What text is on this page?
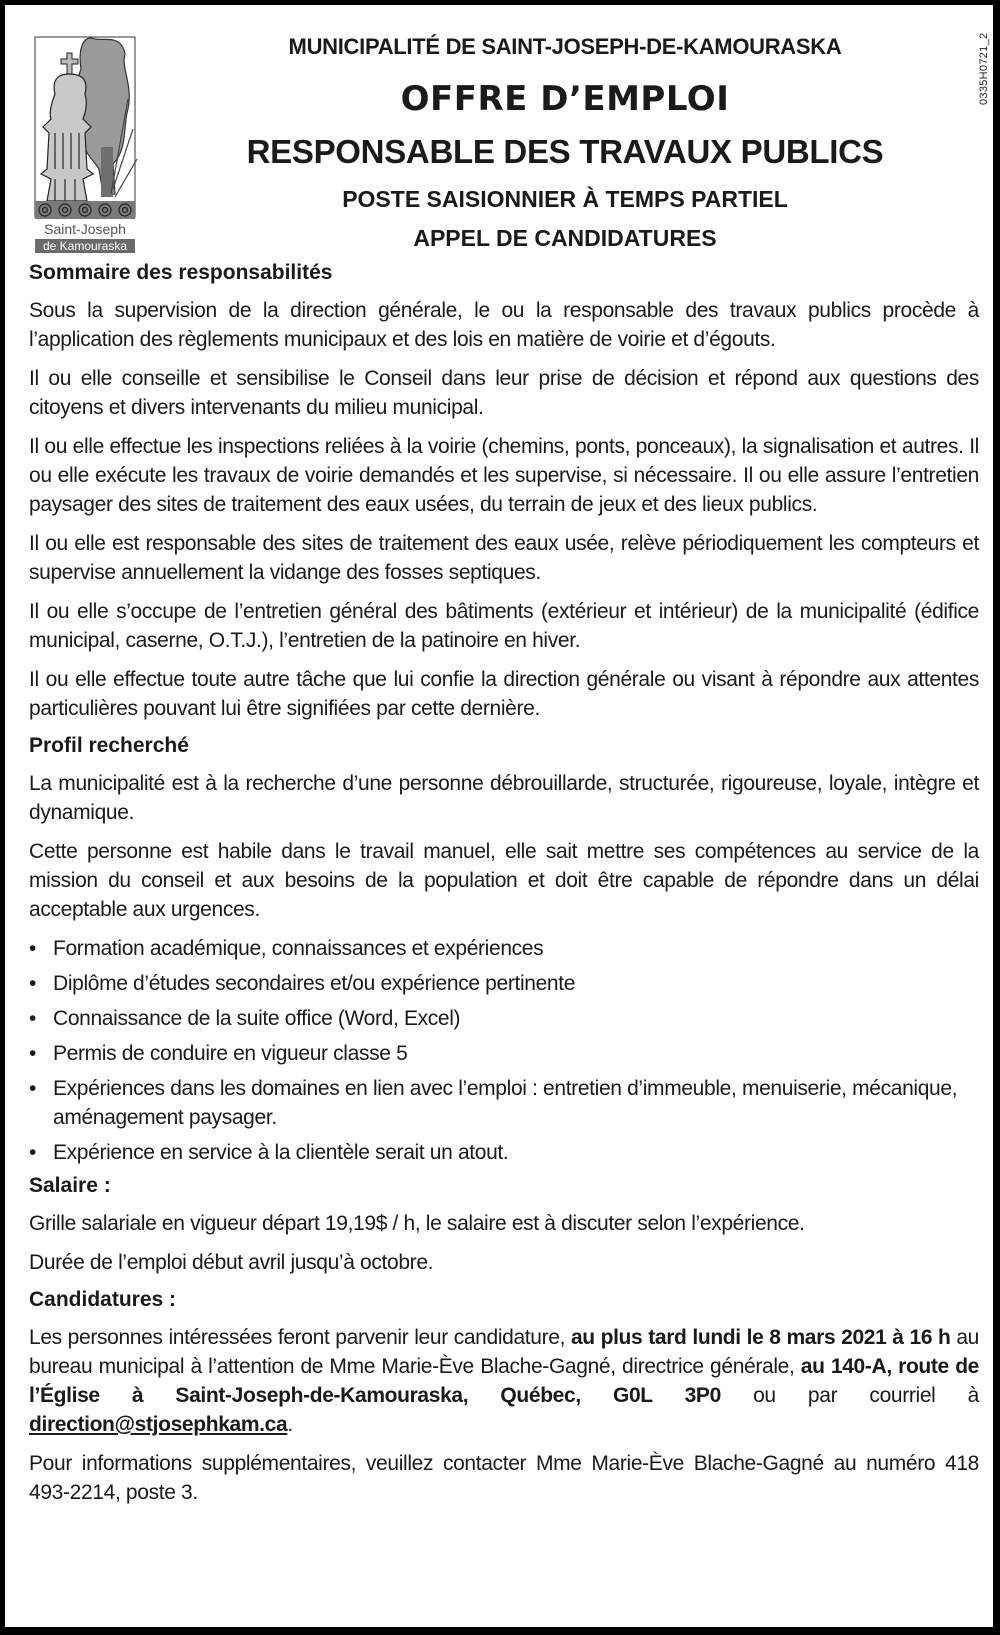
Saint-Joseph
de Kamouraska
0335H0721_2
MUNICIPALITÉ DE SAINT-JOSEPH-DE-KAMOURASKA
OFFRE D’EMPLOI
RESPONSABLE DES TRAVAUX PUBLICS
POSTE SAISIONNIER À TEMPS PARTIEL
APPEL DE CANDIDATURES
Sommaire des responsabilités

Sous la supervision de la direction générale, le ou la responsable des travaux publics procède à l’application des règlements municipaux et des lois en matière de voirie et d’égouts.

Il ou elle conseille et sensibilise le Conseil dans leur prise de décision et répond aux questions des citoyens et divers intervenants du milieu municipal.

Il ou elle effectue les inspections reliées à la voirie (chemins, ponts, ponceaux), la signalisation et autres. Il ou elle exécute les travaux de voirie demandés et les supervise, si nécessaire. Il ou elle assure l’entretien paysager des sites de traitement des eaux usées, du terrain de jeux et des lieux publics.

Il ou elle est responsable des sites de traitement des eaux usée, relève périodiquement les compteurs et supervise annuellement la vidange des fosses septiques.

Il ou elle s’occupe de l’entretien général des bâtiments (extérieur et intérieur) de la municipalité (édifice municipal, caserne, O.T.J.), l’entretien de la patinoire en hiver.

Il ou elle effectue toute autre tâche que lui confie la direction générale ou visant à répondre aux attentes particulières pouvant lui être signifiées par cette dernière.

Profil recherché

La municipalité est à la recherche d’une personne débrouillarde, structurée, rigoureuse, loyale, intègre et dynamique.

Cette personne est habile dans le travail manuel, elle sait mettre ses compétences au service de la mission du conseil et aux besoins de la population et doit être capable de répondre dans un délai acceptable aux urgences.

• Formation académique, connaissances et expériences
• Diplôme d’études secondaires et/ou expérience pertinente
• Connaissance de la suite office (Word, Excel)
• Permis de conduire en vigueur classe 5
• Expériences dans les domaines en lien avec l’emploi : entretien d’immeuble, menuiserie, mécanique, aménagement paysager.
• Expérience en service à la clientèle serait un atout.
Salaire :

Grille salariale en vigueur départ 19,19$ / h, le salaire est à discuter selon l’expérience.

Durée de l’emploi début avril jusqu’à octobre.

Candidatures :

Les personnes intéressées feront parvenir leur candidature, au plus tard lundi le 8 mars 2021 à 16 h au bureau municipal à l’attention de Mme Marie-Ève Blache-Gagné, directrice générale, au 140-A, route de l’Église à Saint-Joseph-de-Kamouraska, Québec, G0L 3P0 ou par courriel à direction@stjosephkam.ca.

Pour informations supplémentaires, veuillez contacter Mme Marie-Ève Blache-Gagné au numéro 418 493-2214, poste 3.
